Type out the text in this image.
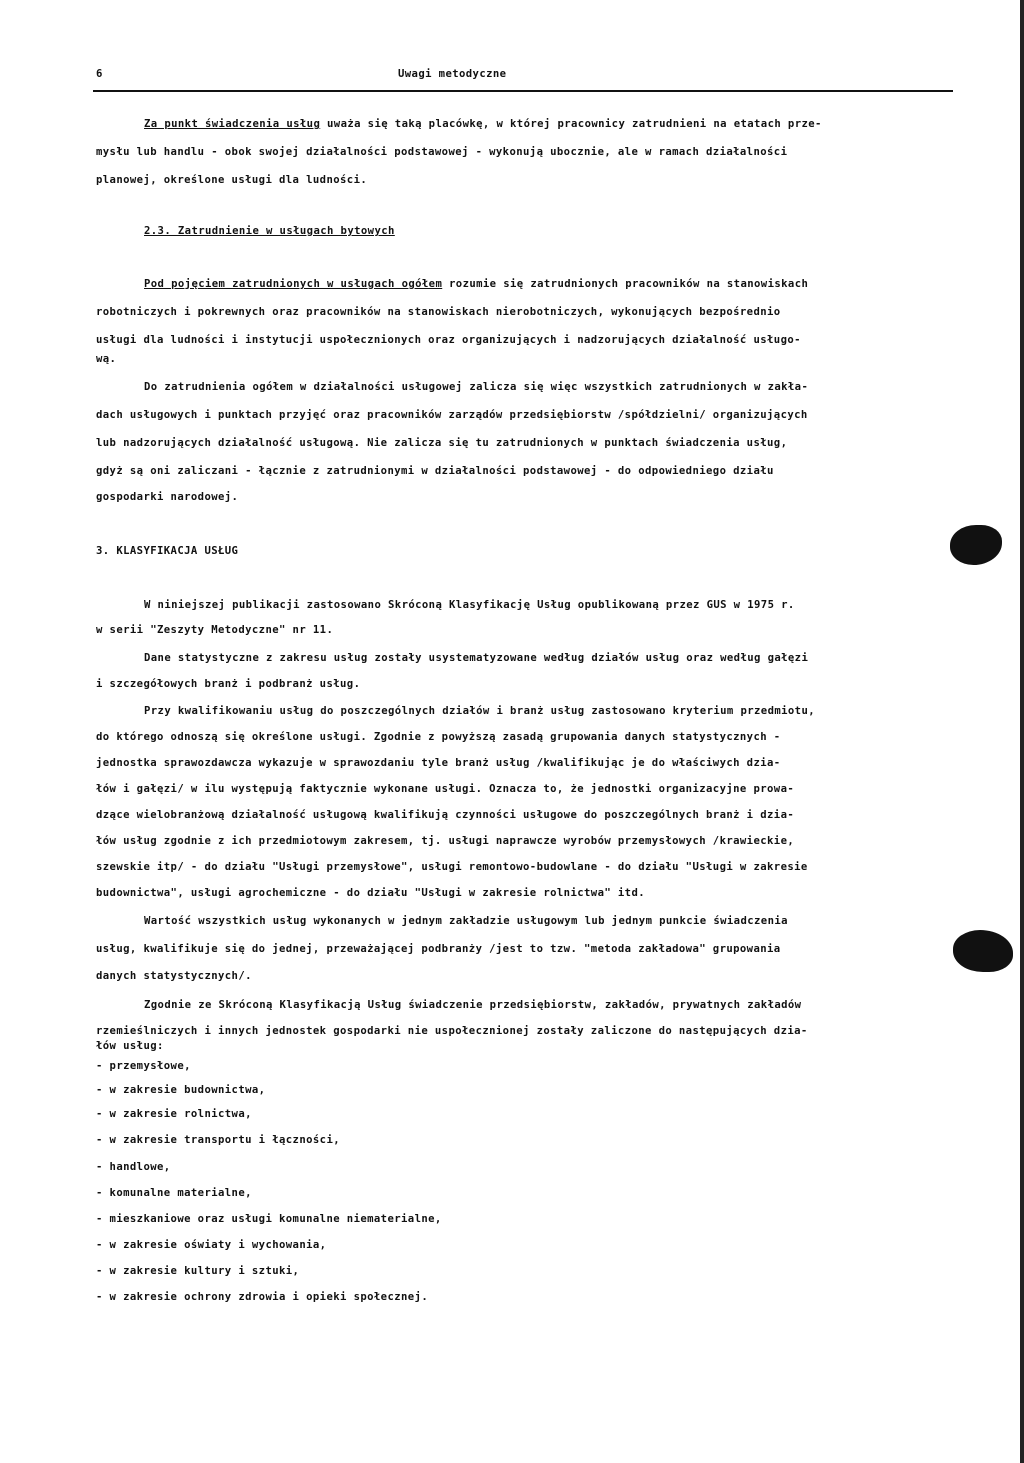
6	Uwagi metodyczne
Za punkt świadczenia usług uważa się taką placówkę, w której pracownicy zatrudnieni na etatach prze-
mysłu lub handlu - obok swojej działalności podstawowej - wykonują ubocznie, ale w ramach działalności
planowej, określone usługi dla ludności.
2.3. Zatrudnienie w usługach bytowych
Pod pojęciem zatrudnionych w usługach ogółem rozumie się zatrudnionych pracowników na stanowiskach
robotniczych i pokrewnych oraz pracowników na stanowiskach nierobotniczych, wykonujących bezpośrednio
usługi dla ludności i instytucji uspołecznionych oraz organizujących i nadzorujących działalność usługo-
wą.
Do zatrudnienia ogółem w działalności usługowej zalicza się więc wszystkich zatrudnionych w zakła-
dach usługowych i punktach przyjęć oraz pracowników zarządów przedsiębiorstw /spółdzielni/ organizujących
lub nadzorujących działalność usługową. Nie zalicza się tu zatrudnionych w punktach świadczenia usług,
gdyż są oni zaliczani - łącznie z zatrudnionymi w działalności podstawowej - do odpowiedniego działu
gospodarki narodowej.
3. KLASYFIKACJA USŁUG
W niniejszej publikacji zastosowano Skróconą Klasyfikację Usług opublikowaną przez GUS w 1975 r.
w serii "Zeszyty Metodyczne" nr 11.
Dane statystyczne z zakresu usług zostały usystematyzowane według działów usług oraz według gałęzi
i szczegółowych branż i podbranż usług.
Przy kwalifikowaniu usług do poszczególnych działów i branż usług zastosowano kryterium przedmiotu,
do którego odnoszą się określone usługi. Zgodnie z powyższą zasadą grupowania danych statystycznych -
jednostka sprawozdawcza wykazuje w sprawozdaniu tyle branż usług /kwalifikując je do właściwych dzia-
łów i gałęzi/ w ilu występują faktycznie wykonane usługi. Oznacza to, że jednostki organizacyjne prowa-
dzące wielobranżową działalność usługową kwalifikują czynności usługowe do poszczególnych branż i dzia-
łów usług zgodnie z ich przedmiotowym zakresem, tj. usługi naprawcze wyrobów przemysłowych /krawieckie,
szewskie itp/ - do działu "Usługi przemysłowe", usługi remontowo-budowlane - do działu "Usługi w zakresie
budownictwa", usługi agrochemiczne - do działu "Usługi w zakresie rolnictwa" itd.
Wartość wszystkich usług wykonanych w jednym zakładzie usługowym lub jednym punkcie świadczenia
usług, kwalifikuje się do jednej, przeważającej podbranży /jest to tzw. "metoda zakładowa" grupowania
danych statystycznych/.
Zgodnie ze Skróconą Klasyfikacją Usług świadczenie przedsiębiorstw, zakładów, prywatnych zakładów
rzemieślniczych i innych jednostek gospodarki nie uspołecznionej zostały zaliczone do następujących dzia-
łów usług:
- przemysłowe,
- w zakresie budownictwa,
- w zakresie rolnictwa,
- w zakresie transportu i łączności,
- handlowe,
- komunalne materialne,
- mieszkaniowe oraz usługi komunalne niematerialne,
- w zakresie oświaty i wychowania,
- w zakresie kultury i sztuki,
- w zakresie ochrony zdrowia i opieki społecznej.
